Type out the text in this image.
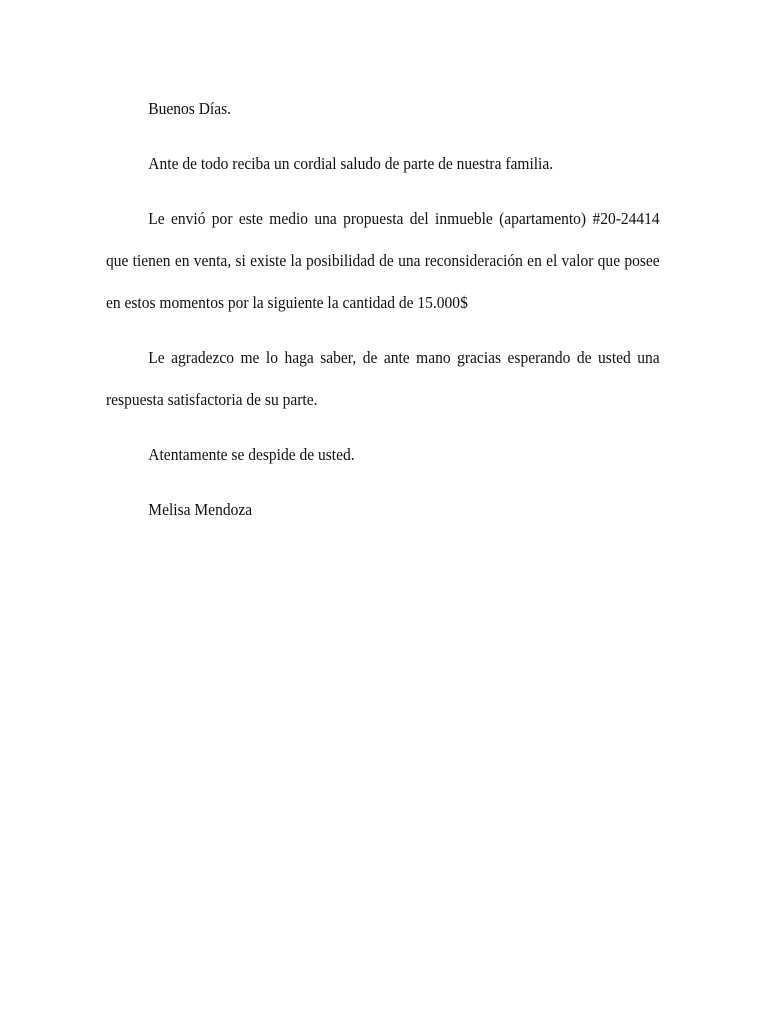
Buenos Días.

Ante de todo reciba un cordial saludo de parte de nuestra familia.

Le envió por este medio una propuesta del inmueble (apartamento) #20-24414 que tienen en venta, si existe la posibilidad de una reconsideración en el valor que posee en estos momentos por la siguiente la cantidad de 15.000$

Le agradezco me lo haga saber, de ante mano gracias esperando de usted una respuesta satisfactoria de su parte.

Atentamente se despide de usted.

Melisa Mendoza
